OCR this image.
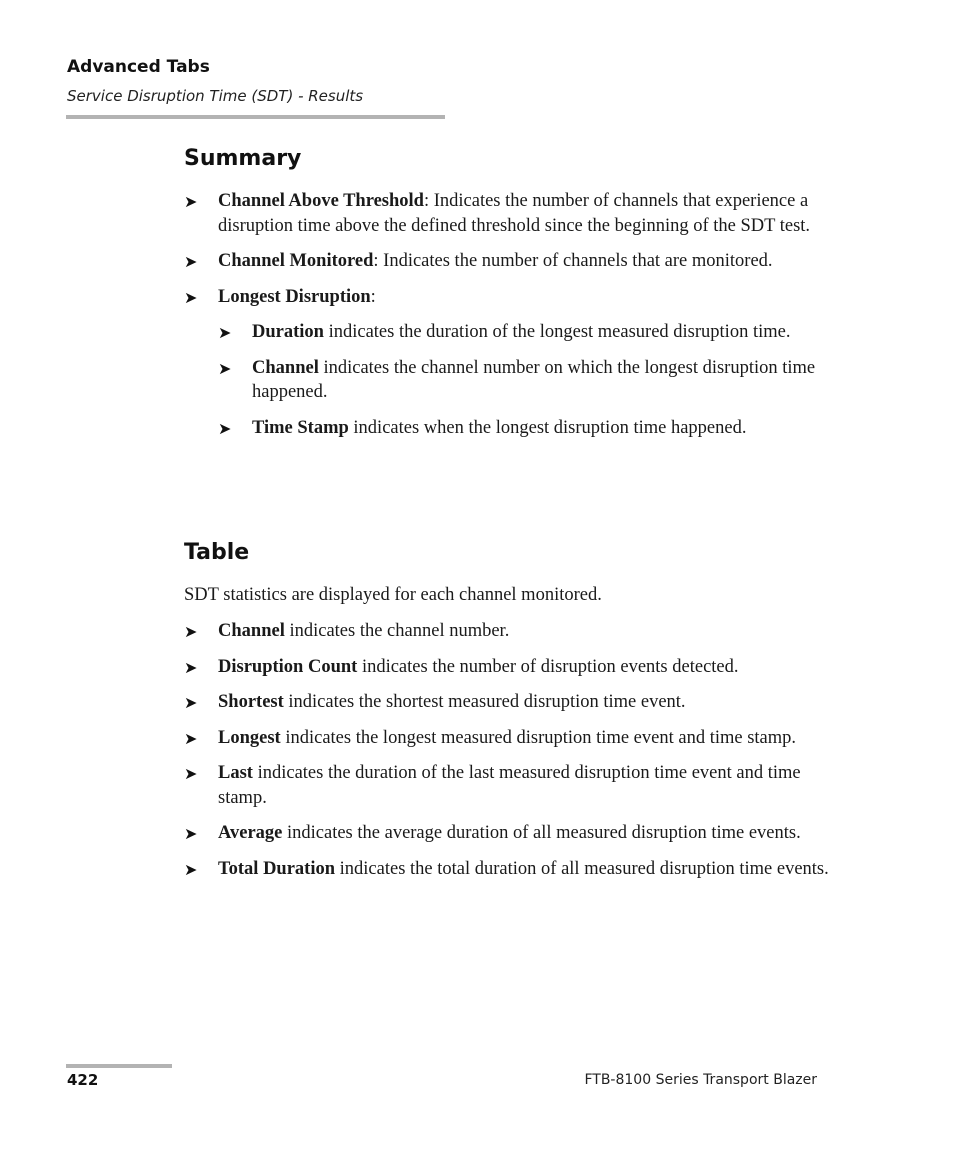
Advanced Tabs
Service Disruption Time (SDT) - Results
Summary
➤ Channel Above Threshold: Indicates the number of channels that experience a disruption time above the defined threshold since the beginning of the SDT test.
➤ Channel Monitored: Indicates the number of channels that are monitored.
➤ Longest Disruption:
➤ Duration indicates the duration of the longest measured disruption time.
➤ Channel indicates the channel number on which the longest disruption time happened.
➤ Time Stamp indicates when the longest disruption time happened.
Table

SDT statistics are displayed for each channel monitored.

➤ Channel indicates the channel number.
➤ Disruption Count indicates the number of disruption events detected.
➤ Shortest indicates the shortest measured disruption time event.
➤ Longest indicates the longest measured disruption time event and time stamp.
➤ Last indicates the duration of the last measured disruption time event and time stamp.
➤ Average indicates the average duration of all measured disruption time events.
➤ Total Duration indicates the total duration of all measured disruption time events.
422	FTB-8100 Series Transport Blazer
